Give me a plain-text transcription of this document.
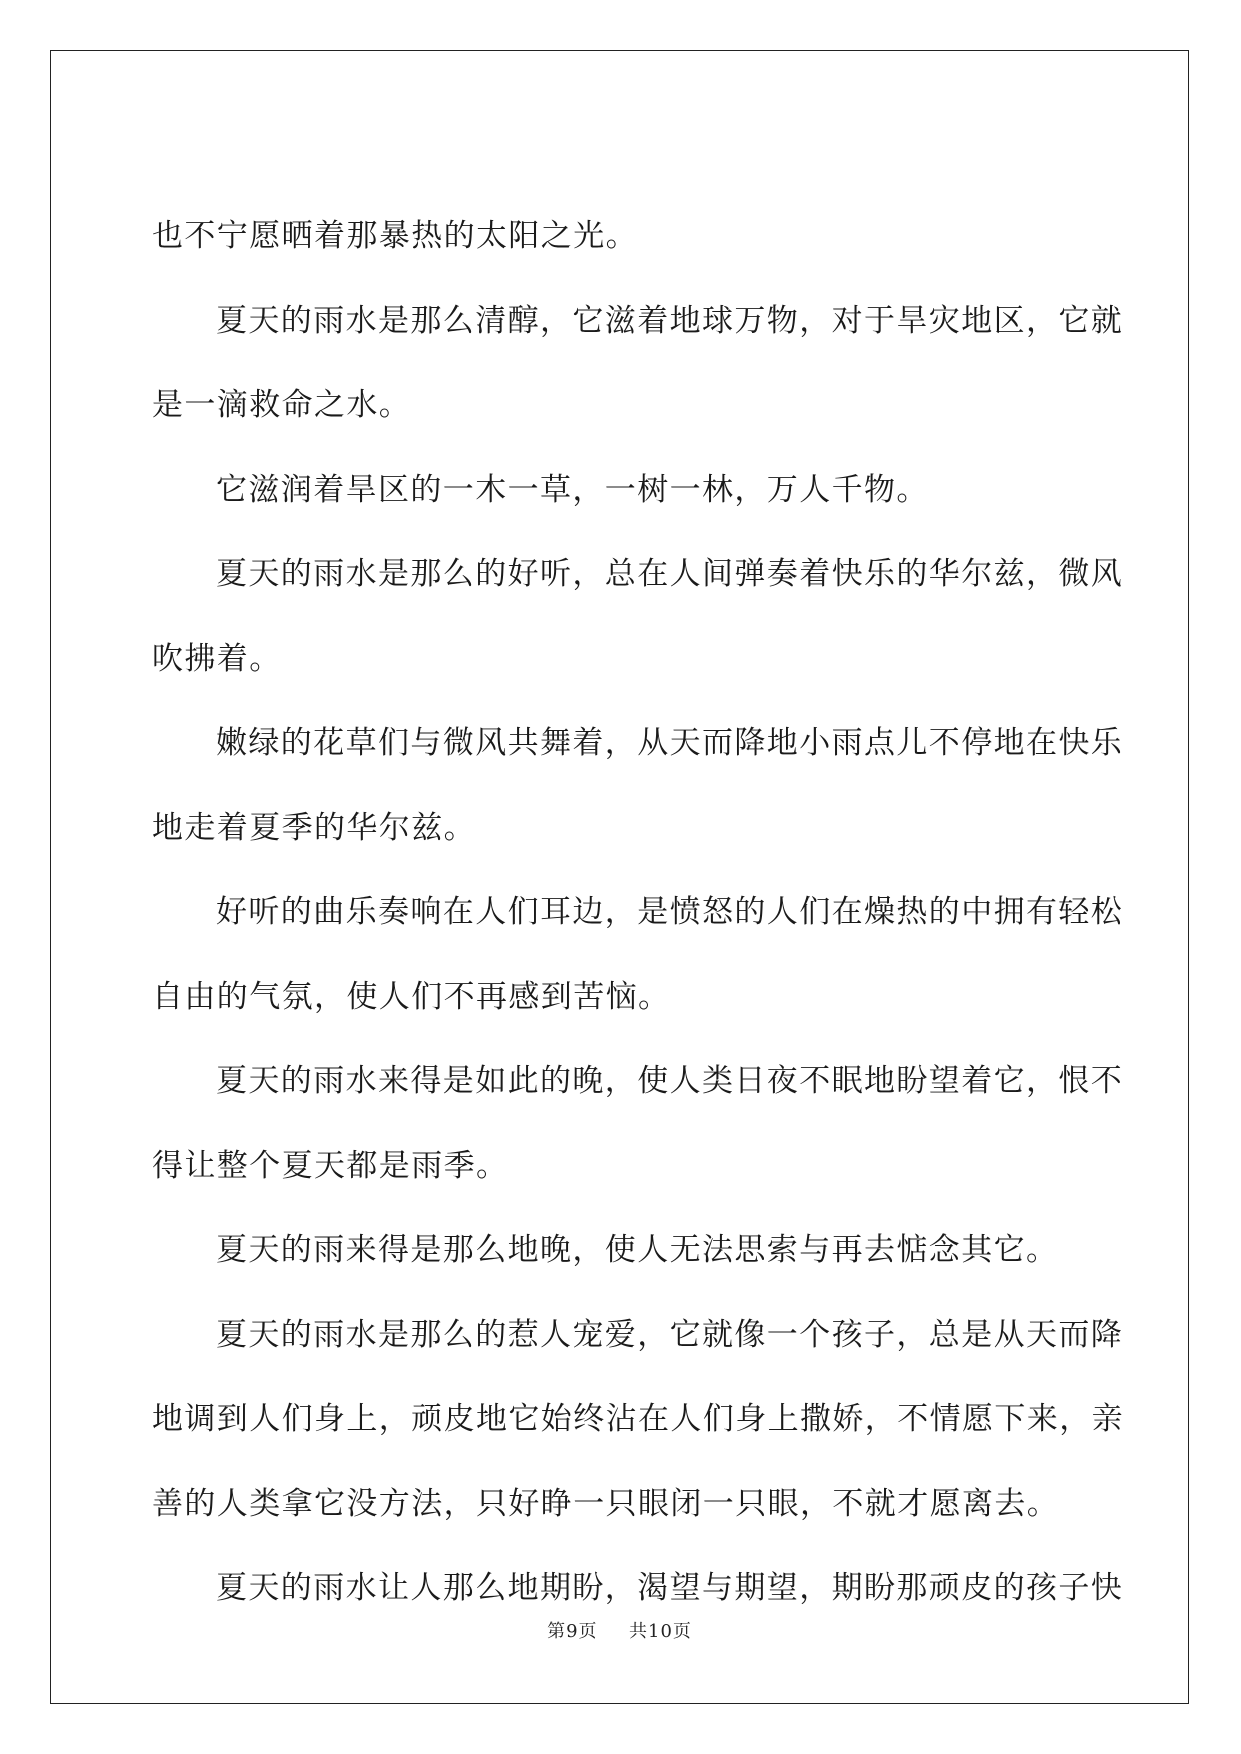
也不宁愿晒着那暴热的太阳之光。
夏天的雨水是那么清醇，它滋着地球万物，对于旱灾地区，它就
是一滴救命之水。
它滋润着旱区的一木一草，一树一林，万人千物。
夏天的雨水是那么的好听，总在人间弹奏着快乐的华尔兹，微风
吹拂着。
嫩绿的花草们与微风共舞着，从天而降地小雨点儿不停地在快乐
地走着夏季的华尔兹。
好听的曲乐奏响在人们耳边，是愤怒的人们在燥热的中拥有轻松
自由的气氛，使人们不再感到苦恼。
夏天的雨水来得是如此的晚，使人类日夜不眠地盼望着它，恨不
得让整个夏天都是雨季。
夏天的雨来得是那么地晚，使人无法思索与再去惦念其它。
夏天的雨水是那么的惹人宠爱，它就像一个孩子，总是从天而降
地调到人们身上，顽皮地它始终沾在人们身上撒娇，不情愿下来，亲
善的人类拿它没方法，只好睁一只眼闭一只眼，不就才愿离去。
夏天的雨水让人那么地期盼，渴望与期望，期盼那顽皮的孩子快
第9页 共10页
